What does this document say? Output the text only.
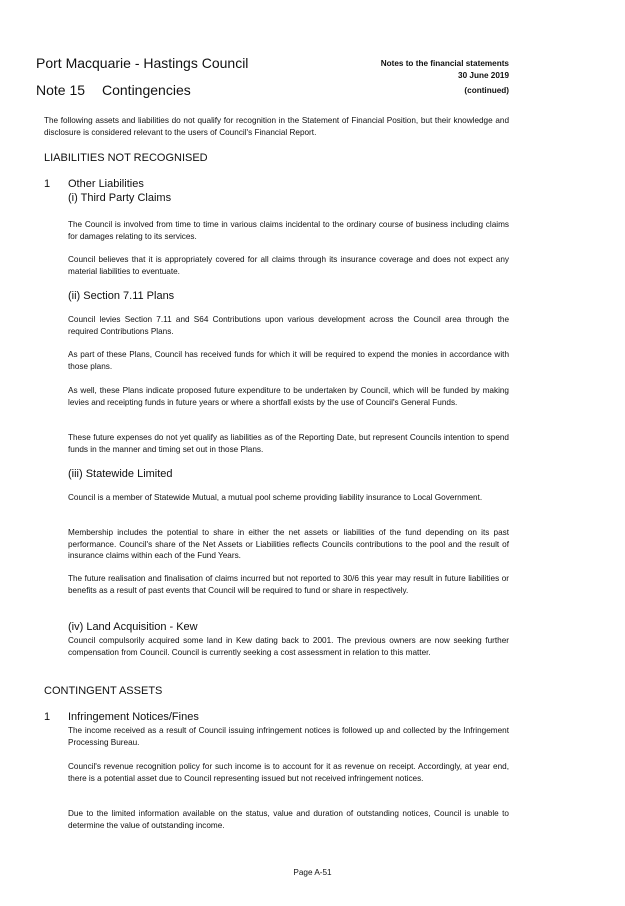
Port Macquarie - Hastings Council
Note 15 Contingencies
Notes to the financial statements
30 June 2019
(continued)

The following assets and liabilities do not qualify for recognition in the Statement of Financial Position, but their knowledge and disclosure is considered relevant to the users of Council's Financial Report.

LIABILITIES NOT RECOGNISED
1 Other Liabilities
(i) Third Party Claims

The Council is involved from time to time in various claims incidental to the ordinary course of business including claims for damages relating to its services.

Council believes that it is appropriately covered for all claims through its insurance coverage and does not expect any material liabilities to eventuate.

(ii) Section 7.11 Plans

Council levies Section 7.11 and S64 Contributions upon various development across the Council area through the required Contributions Plans.

As part of these Plans, Council has received funds for which it will be required to expend the monies in accordance with those plans.

As well, these Plans indicate proposed future expenditure to be undertaken by Council, which will be funded by making levies and receipting funds in future years or where a shortfall exists by the use of Council's General Funds.

These future expenses do not yet qualify as liabilities as of the Reporting Date, but represent Councils intention to spend funds in the manner and timing set out in those Plans.

(iii) Statewide Limited

Council is a member of Statewide Mutual, a mutual pool scheme providing liability insurance to Local Government.

Membership includes the potential to share in either the net assets or liabilities of the fund depending on its past performance. Council's share of the Net Assets or Liabilities reflects Councils contributions to the pool and the result of insurance claims within each of the Fund Years.

The future realisation and finalisation of claims incurred but not reported to 30/6 this year may result in future liabilities or benefits as a result of past events that Council will be required to fund or share in respectively.

(iv) Land Acquisition - Kew

Council compulsorily acquired some land in Kew dating back to 2001. The previous owners are now seeking further compensation from Council. Council is currently seeking a cost assessment in relation to this matter.

CONTINGENT ASSETS
1 Infringement Notices/Fines

The income received as a result of Council issuing infringement notices is followed up and collected by the Infringement Processing Bureau.

Council's revenue recognition policy for such income is to account for it as revenue on receipt. Accordingly, at year end, there is a potential asset due to Council representing issued but not received infringement notices.

Due to the limited information available on the status, value and duration of outstanding notices, Council is unable to determine the value of outstanding income.

Page A-51
